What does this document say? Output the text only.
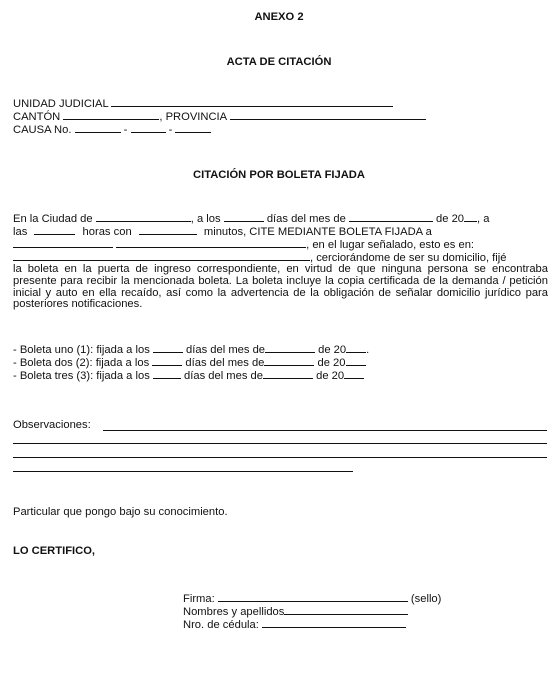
ANEXO 2
ACTA DE CITACIÓN
UNIDAD JUDICIAL
CANTÓN	, PROVINCIA
CAUSA No.	-	-
CITACIÓN POR BOLETA FIJADA
En la Ciudad de	, a los	días del mes de	de 20 , a
las	horas con	minutos, CITE MEDIANTE BOLETA FIJADA a
, en el lugar señalado, esto es en:
, cerciorándome de ser su domicilio, fijé
la boleta en la puerta de ingreso correspondiente, en virtud de que ninguna persona se encontraba presente para recibir la mencionada boleta. La boleta incluye la copia certificada de la demanda / petición inicial y auto en ella recaído, así como la advertencia de la obligación de señalar domicilio jurídico para posteriores notificaciones.
- Boleta uno (1): fijada a los	días del mes de	de 20 .
- Boleta dos (2): fijada a los	días del mes de	de 20
- Boleta tres (3): fijada a los	días del mes de	de 20
Observaciones:
Particular que pongo bajo su conocimiento.
LO CERTIFICO,
Firma:	(sello)
Nombres y apellidos
Nro. de cédula:
